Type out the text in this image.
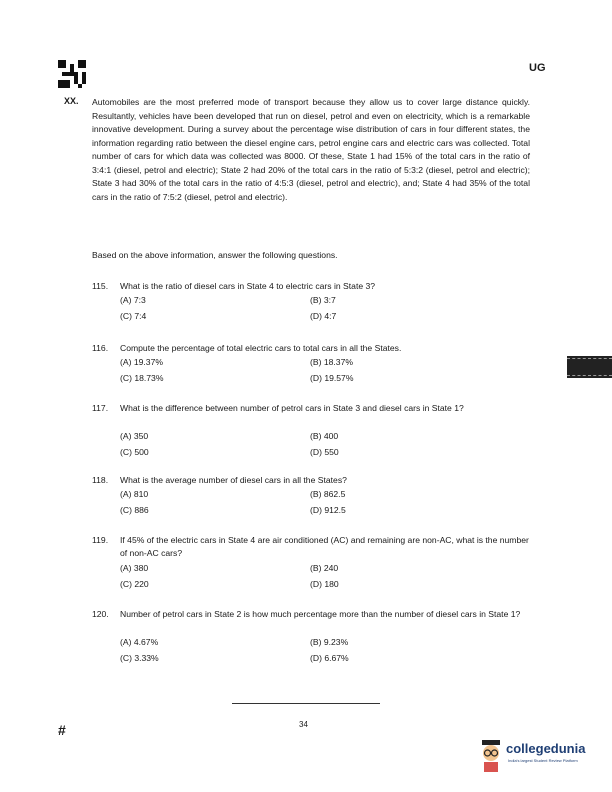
UG
XX. Automobiles are the most preferred mode of transport because they allow us to cover large distance quickly. Resultantly, vehicles have been developed that run on diesel, petrol and even on electricity, which is a remarkable innovative development. During a survey about the percentage wise distribution of cars in four different states, the information regarding ratio between the diesel engine cars, petrol engine cars and electric cars was collected. Total number of cars for which data was collected was 8000. Of these, State 1 had 15% of the total cars in the ratio of 3:4:1 (diesel, petrol and electric); State 2 had 20% of the total cars in the ratio of 5:3:2 (diesel, petrol and electric); State 3 had 30% of the total cars in the ratio of 4:5:3 (diesel, petrol and electric), and; State 4 had 35% of the total cars in the ratio of 7:5:2 (diesel, petrol and electric).
Based on the above information, answer the following questions.
115. What is the ratio of diesel cars in State 4 to electric cars in State 3?
(A) 7:3	(B) 3:7
(C) 7:4	(D) 4:7
116. Compute the percentage of total electric cars to total cars in all the States.
(A) 19.37%	(B) 18.37%
(C) 18.73%	(D) 19.57%
117. What is the difference between number of petrol cars in State 3 and diesel cars in State 1?
(A) 350	(B) 400
(C) 500	(D) 550
118. What is the average number of diesel cars in all the States?
(A) 810	(B) 862.5
(C) 886	(D) 912.5
119. If 45% of the electric cars in State 4 are air conditioned (AC) and remaining are non-AC, what is the number of non-AC cars?
(A) 380	(B) 240
(C) 220	(D) 180
120. Number of petrol cars in State 2 is how much percentage more than the number of diesel cars in State 1?
(A) 4.67%	(B) 9.23%
(C) 3.33%	(D) 6.67%
34
#
collegedunia
India's largest Student Review Platform
